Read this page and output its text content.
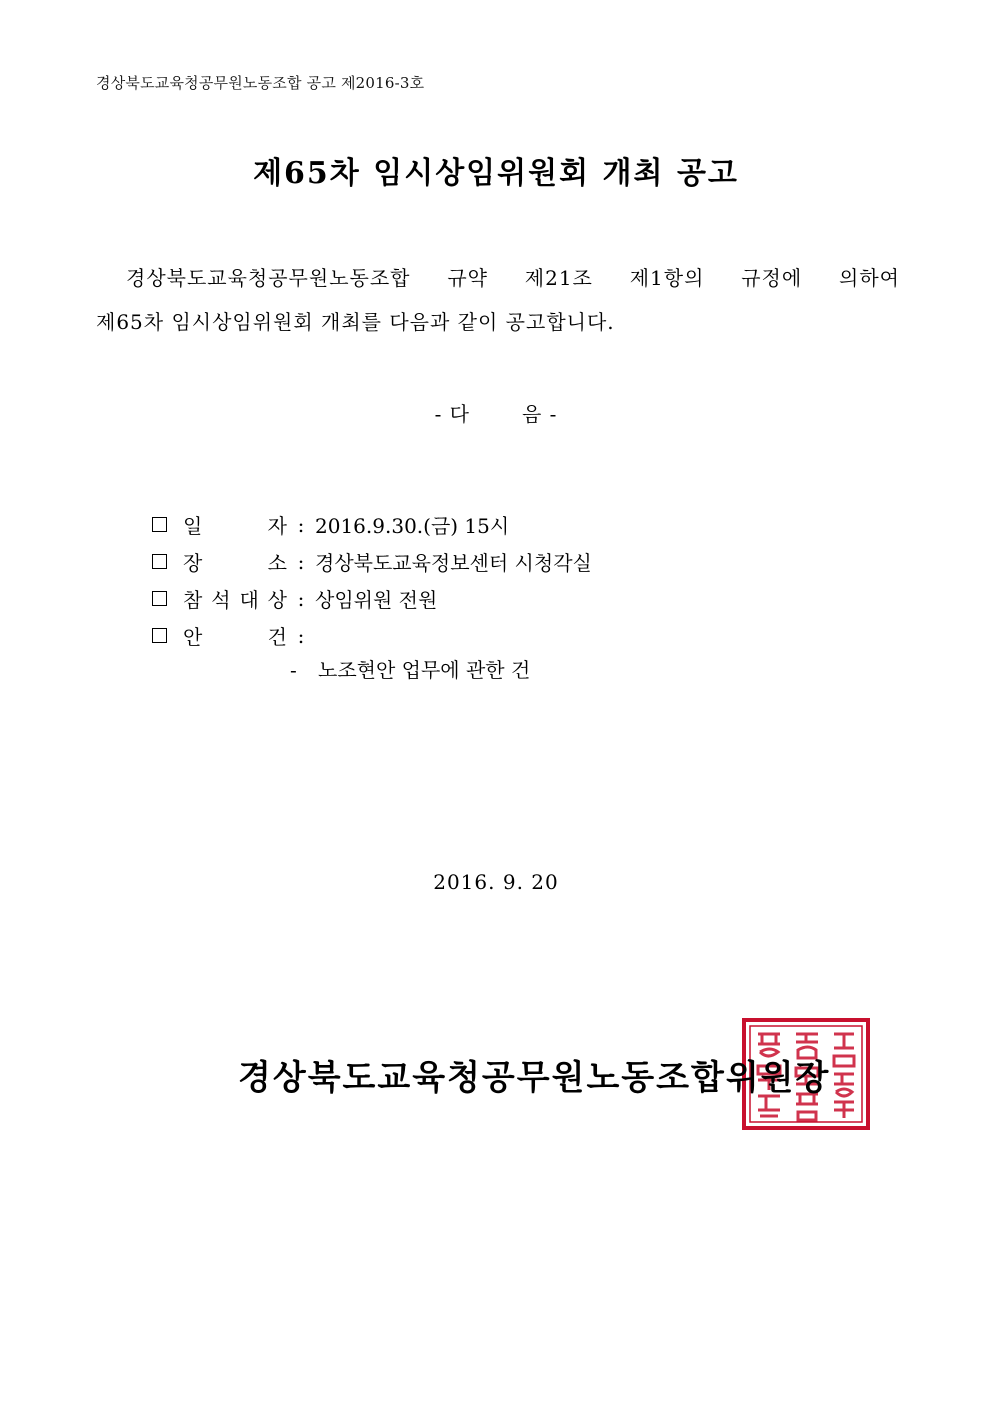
경상북도교육청공무원노동조합 공고 제2016-3호
제65차 임시상임위원회 개최 공고
경상북도교육청공무원노동조합 규약 제21조 제1항의 규정에 의하여
제65차 임시상임위원회 개최를 다음과 같이 공고합니다.
- 다	음 -
일	자 : 2016.9.30.(금) 15시
장	소 : 경상북도교육정보센터 시청각실
참 석 대 상 : 상임위원 전원
안	건 :
- 노조현안 업무에 관한 건
2016. 9. 20
경상북도교육청공무원노동조합위원장
